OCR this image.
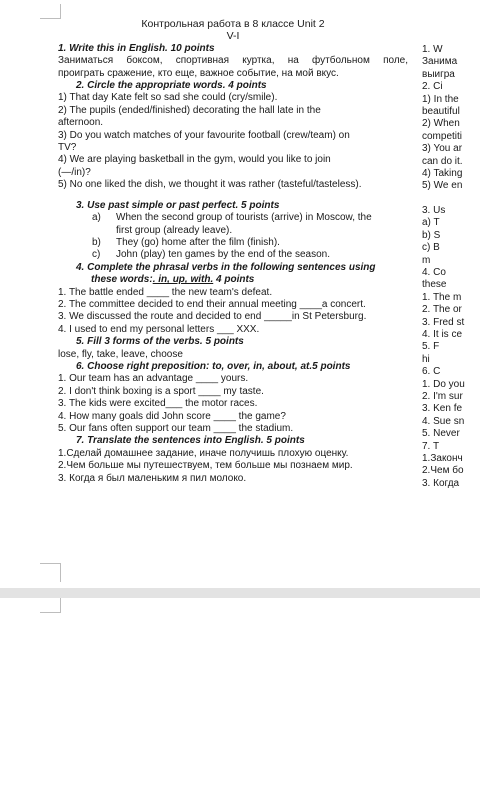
Контрольная работа в 8 классе Unit 2
V-I
1. Write this in English. 10 points
Заниматься боксом, спортивная куртка, на футбольном поле,
проиграть сражение, кто еще, важное событие, на мой вкус.
2. Circle the appropriate words. 4 points
1) That day Kate felt so sad she could (cry/smile).
2) The pupils (ended/finished) decorating the hall late in the
afternoon.
3) Do you watch matches of your favourite football (crew/team) on
TV?
4) We are playing basketball in the gym, would you like to join
(—/in)?
5) No one liked the dish, we thought it was rather (tasteful/tasteless).
3. Use past simple or past perfect. 5 points
a)	When the second group of tourists (arrive) in Moscow, the
first group (already leave).
b)	They (go) home after the film (finish).
c)	John (play) ten games by the end of the season.
4. Complete the phrasal verbs in the following sentences using
these words:. in, up, with. 4 points
1. The battle ended ____ the new team's defeat.
2. The committee decided to end their annual meeting ____a concert.
3. We discussed the route and decided to end _____in St Petersburg.
4. I used to end my personal letters ___ XXX.
5. Fill 3 forms of the verbs. 5 points
lose, fly, take, leave, choose
6. Choose right preposition: to, over, in, about, at.5 points
1. Our team has an advantage ____ yours.
2. I don't think boxing is a sport ____ my taste.
3. The kids were excited___ the motor races.
4. How many goals did John score ____ the game?
5. Our fans often support our team ____ the stadium.
7. Translate the sentences into English. 5 points
1.Сделай домашнее задание, иначе получишь плохую оценку.
2.Чем больше мы путешествуем, тем больше мы познаем мир.
3. Когда я был маленьким я пил молоко.
1. W
Занима
выигра
2. Ci
1) In the
beautiful
2) When
competiti
3) You ar
can do it.
4) Taking
5) We en
3. Us
a) T
b) S
c) B
m
4. Co
these
1. The m
2. The or
3. Fred st
4. It is ce
5. F
hi
6. C
1. Do you
2. I'm sur
3. Ken fe
4. Sue sn
5. Never
7. T
1.Законч
2.Чем бо
3. Когда
